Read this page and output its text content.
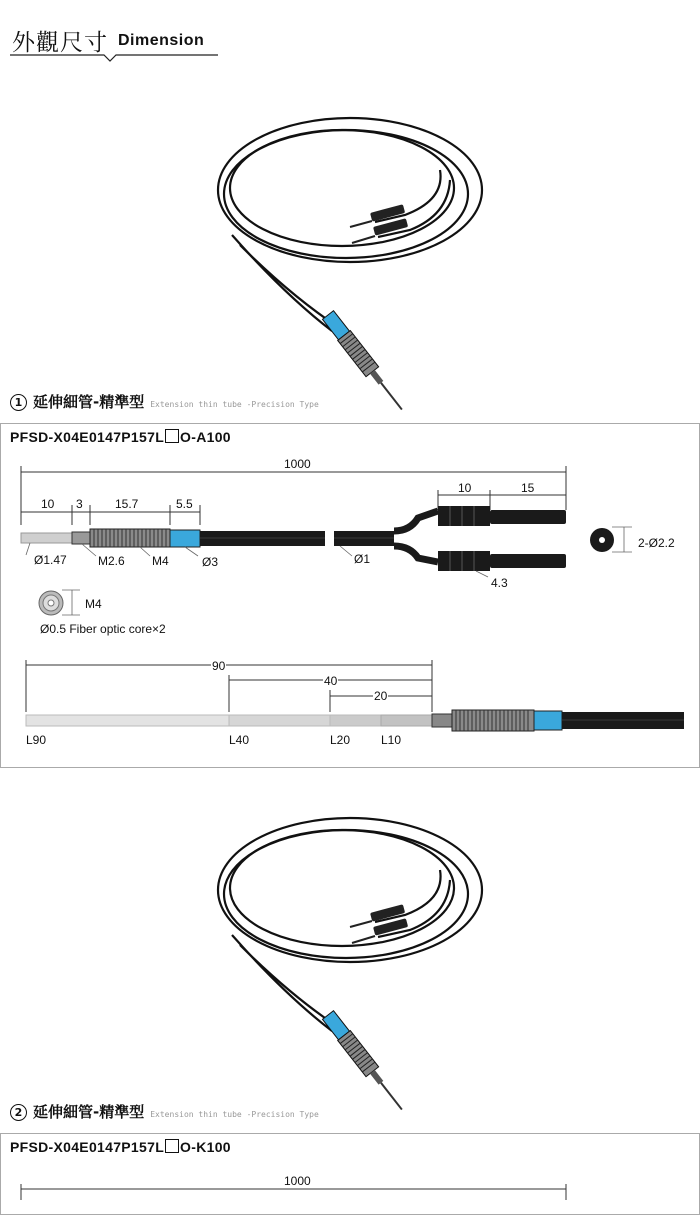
外觀尺寸 Dimension
1 延伸細管-精準型 Extension thin tube -Precision Type
PFSD-X04E0147P157L O-A100
1000
10 3	15.7	5.5
10	15
Ø1.47	M2.6 M4	Ø3	Ø1
4.3
2-Ø2.2
M4
Ø0.5 Fiber optic core×2
90
40
20
L90	L40	L20	L10
2 延伸細管-精準型 Extension thin tube -Precision Type
PFSD-X04E0147P157L O-K100
1000
